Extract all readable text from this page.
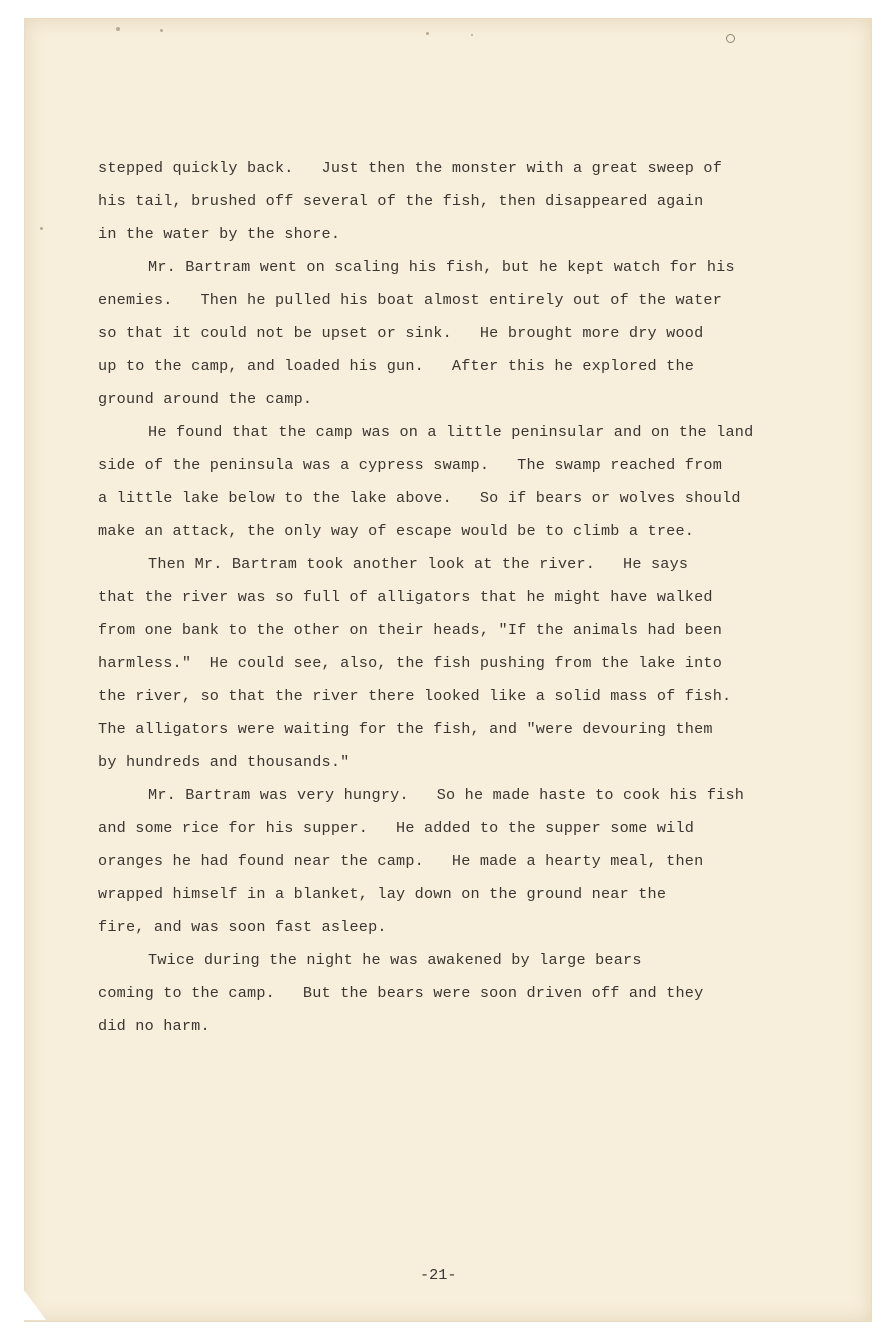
stepped quickly back.   Just then the monster with a great sweep of
his tail, brushed off several of the fish, then disappeared again
in the water by the shore.
Mr. Bartram went on scaling his fish, but he kept watch for his
enemies.   Then he pulled his boat almost entirely out of the water
so that it could not be upset or sink.   He brought more dry wood
up to the camp, and loaded his gun.   After this he explored the
ground around the camp.
He found that the camp was on a little peninsular and on the land
side of the peninsula was a cypress swamp.   The swamp reached from
a little lake below to the lake above.   So if bears or wolves should
make an attack, the only way of escape would be to climb a tree.
Then Mr. Bartram took another look at the river.   He says
that the river was so full of alligators that he might have walked
from one bank to the other on their heads, "If the animals had been
harmless."  He could see, also, the fish pushing from the lake into
the river, so that the river there looked like a solid mass of fish.
The alligators were waiting for the fish, and "were devouring them
by hundreds and thousands."
Mr. Bartram was very hungry.   So he made haste to cook his fish
and some rice for his supper.   He added to the supper some wild
oranges he had found near the camp.   He made a hearty meal, then
wrapped himself in a blanket, lay down on the ground near the
fire, and was soon fast asleep.
Twice during the night he was awakened by large bears
coming to the camp.   But the bears were soon driven off and they
did no harm.
-21-
